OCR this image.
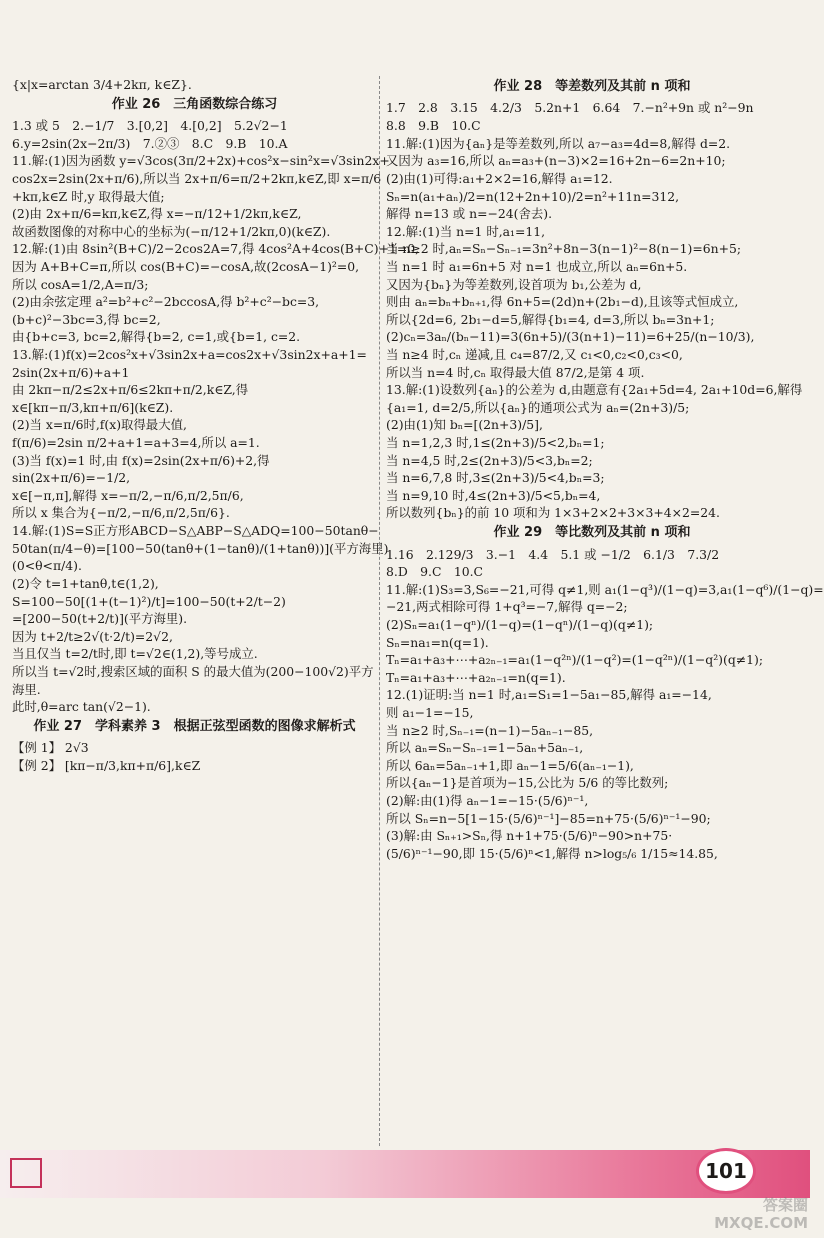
{x|x=arctan 3/4+2kπ, k∈Z}.
作业 26　三角函数综合练习
1.3 或 5　2.−1/7　3.[0,2]　4.[0,2]　5.2√2−1
6.y=2sin(2x−2π/3)　7.②③　8.C　9.B　10.A
11.解:(1)因为函数 y=√3cos(3π/2+2x)+cos²x−sin²x=√3sin2x+
cos2x=2sin(2x+π/6),所以当 2x+π/6=π/2+2kπ,k∈Z,即 x=π/6
+kπ,k∈Z 时,y 取得最大值;
(2)由 2x+π/6=kπ,k∈Z,得 x=−π/12+1/2kπ,k∈Z,
故函数图像的对称中心的坐标为(−π/12+1/2kπ,0)(k∈Z).
12.解:(1)由 8sin²(B+C)/2−2cos2A=7,得 4cos²A+4cos(B+C)+1=0,
因为 A+B+C=π,所以 cos(B+C)=−cosA,故(2cosA−1)²=0,
所以 cosA=1/2,A=π/3;
(2)由余弦定理 a²=b²+c²−2bccosA,得 b²+c²−bc=3,
(b+c)²−3bc=3,得 bc=2,
由{b+c=3, bc=2,解得{b=2, c=1,或{b=1, c=2.
13.解:(1)f(x)=2cos²x+√3sin2x+a=cos2x+√3sin2x+a+1=
2sin(2x+π/6)+a+1
由 2kπ−π/2≤2x+π/6≤2kπ+π/2,k∈Z,得
x∈[kπ−π/3,kπ+π/6](k∈Z).
(2)当 x=π/6时,f(x)取得最大值,
f(π/6)=2sin π/2+a+1=a+3=4,所以 a=1.
(3)当 f(x)=1 时,由 f(x)=2sin(2x+π/6)+2,得
sin(2x+π/6)=−1/2,
x∈[−π,π],解得 x=−π/2,−π/6,π/2,5π/6,
所以 x 集合为{−π/2,−π/6,π/2,5π/6}.
14.解:(1)S=S正方形ABCD−S△ABP−S△ADQ=100−50tanθ−
50tan(π/4−θ)=[100−50(tanθ+(1−tanθ)/(1+tanθ))](平方海里)
(0<θ<π/4).
(2)令 t=1+tanθ,t∈(1,2),
S=100−50[(1+(t−1)²)/t]=100−50(t+2/t−2)
=[200−50(t+2/t)](平方海里).
因为 t+2/t≥2√(t·2/t)=2√2,
当且仅当 t=2/t时,即 t=√2∈(1,2),等号成立.
所以当 t=√2时,搜索区域的面积 S 的最大值为(200−100√2)平方
海里.
此时,θ=arc tan(√2−1).
作业 27　学科素养 3　根据正弦型函数的图像求解析式
【例 1】 2√3
【例 2】 [kπ−π/3,kπ+π/6],k∈Z
作业 28　等差数列及其前 n 项和
1.7　2.8　3.15　4.2/3　5.2n+1　6.64　7.−n²+9n 或 n²−9n
8.8　9.B　10.C
11.解:(1)因为{aₙ}是等差数列,所以 a₇−a₃=4d=8,解得 d=2.
又因为 a₃=16,所以 aₙ=a₃+(n−3)×2=16+2n−6=2n+10;
(2)由(1)可得:a₁+2×2=16,解得 a₁=12.
Sₙ=n(a₁+aₙ)/2=n(12+2n+10)/2=n²+11n=312,
解得 n=13 或 n=−24(舍去).
12.解:(1)当 n=1 时,a₁=11,
当 n≥2 时,aₙ=Sₙ−Sₙ₋₁=3n²+8n−3(n−1)²−8(n−1)=6n+5;
当 n=1 时 a₁=6n+5 对 n=1 也成立,所以 aₙ=6n+5.
又因为{bₙ}为等差数列,设首项为 b₁,公差为 d,
则由 aₙ=bₙ+bₙ₊₁,得 6n+5=(2d)n+(2b₁−d),且该等式恒成立,
所以{2d=6, 2b₁−d=5,解得{b₁=4, d=3,所以 bₙ=3n+1;
(2)cₙ=3aₙ/(bₙ−11)=3(6n+5)/(3(n+1)−11)=6+25/(n−10/3),
当 n≥4 时,cₙ 递减,且 c₄=87/2,又 c₁<0,c₂<0,c₃<0,
所以当 n=4 时,cₙ 取得最大值 87/2,是第 4 项.
13.解:(1)设数列{aₙ}的公差为 d,由题意有{2a₁+5d=4, 2a₁+10d=6,解得
{a₁=1, d=2/5,所以{aₙ}的通项公式为 aₙ=(2n+3)/5;
(2)由(1)知 bₙ=[(2n+3)/5],
当 n=1,2,3 时,1≤(2n+3)/5<2,bₙ=1;
当 n=4,5 时,2≤(2n+3)/5<3,bₙ=2;
当 n=6,7,8 时,3≤(2n+3)/5<4,bₙ=3;
当 n=9,10 时,4≤(2n+3)/5<5,bₙ=4,
所以数列{bₙ}的前 10 项和为 1×3+2×2+3×3+4×2=24.
作业 29　等比数列及其前 n 项和
1.16　2.129/3　3.−1　4.4　5.1 或 −1/2　6.1/3　7.3/2
8.D　9.C　10.C
11.解:(1)S₃=3,S₆=−21,可得 q≠1,则 a₁(1−q³)/(1−q)=3,a₁(1−q⁶)/(1−q)=
−21,两式相除可得 1+q³=−7,解得 q=−2;
(2)Sₙ=a₁(1−qⁿ)/(1−q)=(1−qⁿ)/(1−q)(q≠1);
Sₙ=na₁=n(q=1).
Tₙ=a₁+a₃+⋯+a₂ₙ₋₁=a₁(1−q²ⁿ)/(1−q²)=(1−q²ⁿ)/(1−q²)(q≠1);
Tₙ=a₁+a₃+⋯+a₂ₙ₋₁=n(q=1).
12.(1)证明:当 n=1 时,a₁=S₁=1−5a₁−85,解得 a₁=−14,
则 a₁−1=−15,
当 n≥2 时,Sₙ₋₁=(n−1)−5aₙ₋₁−85,
所以 aₙ=Sₙ−Sₙ₋₁=1−5aₙ+5aₙ₋₁,
所以 6aₙ=5aₙ₋₁+1,即 aₙ−1=5/6(aₙ₋₁−1),
所以{aₙ−1}是首项为−15,公比为 5/6 的等比数列;
(2)解:由(1)得 aₙ−1=−15·(5/6)ⁿ⁻¹,
所以 Sₙ=n−5[1−15·(5/6)ⁿ⁻¹]−85=n+75·(5/6)ⁿ⁻¹−90;
(3)解:由 Sₙ₊₁>Sₙ,得 n+1+75·(5/6)ⁿ−90>n+75·
(5/6)ⁿ⁻¹−90,即 15·(5/6)ⁿ<1,解得 n>log₅/₆ 1/15≈14.85,
101
答案圈
MXQE.COM
